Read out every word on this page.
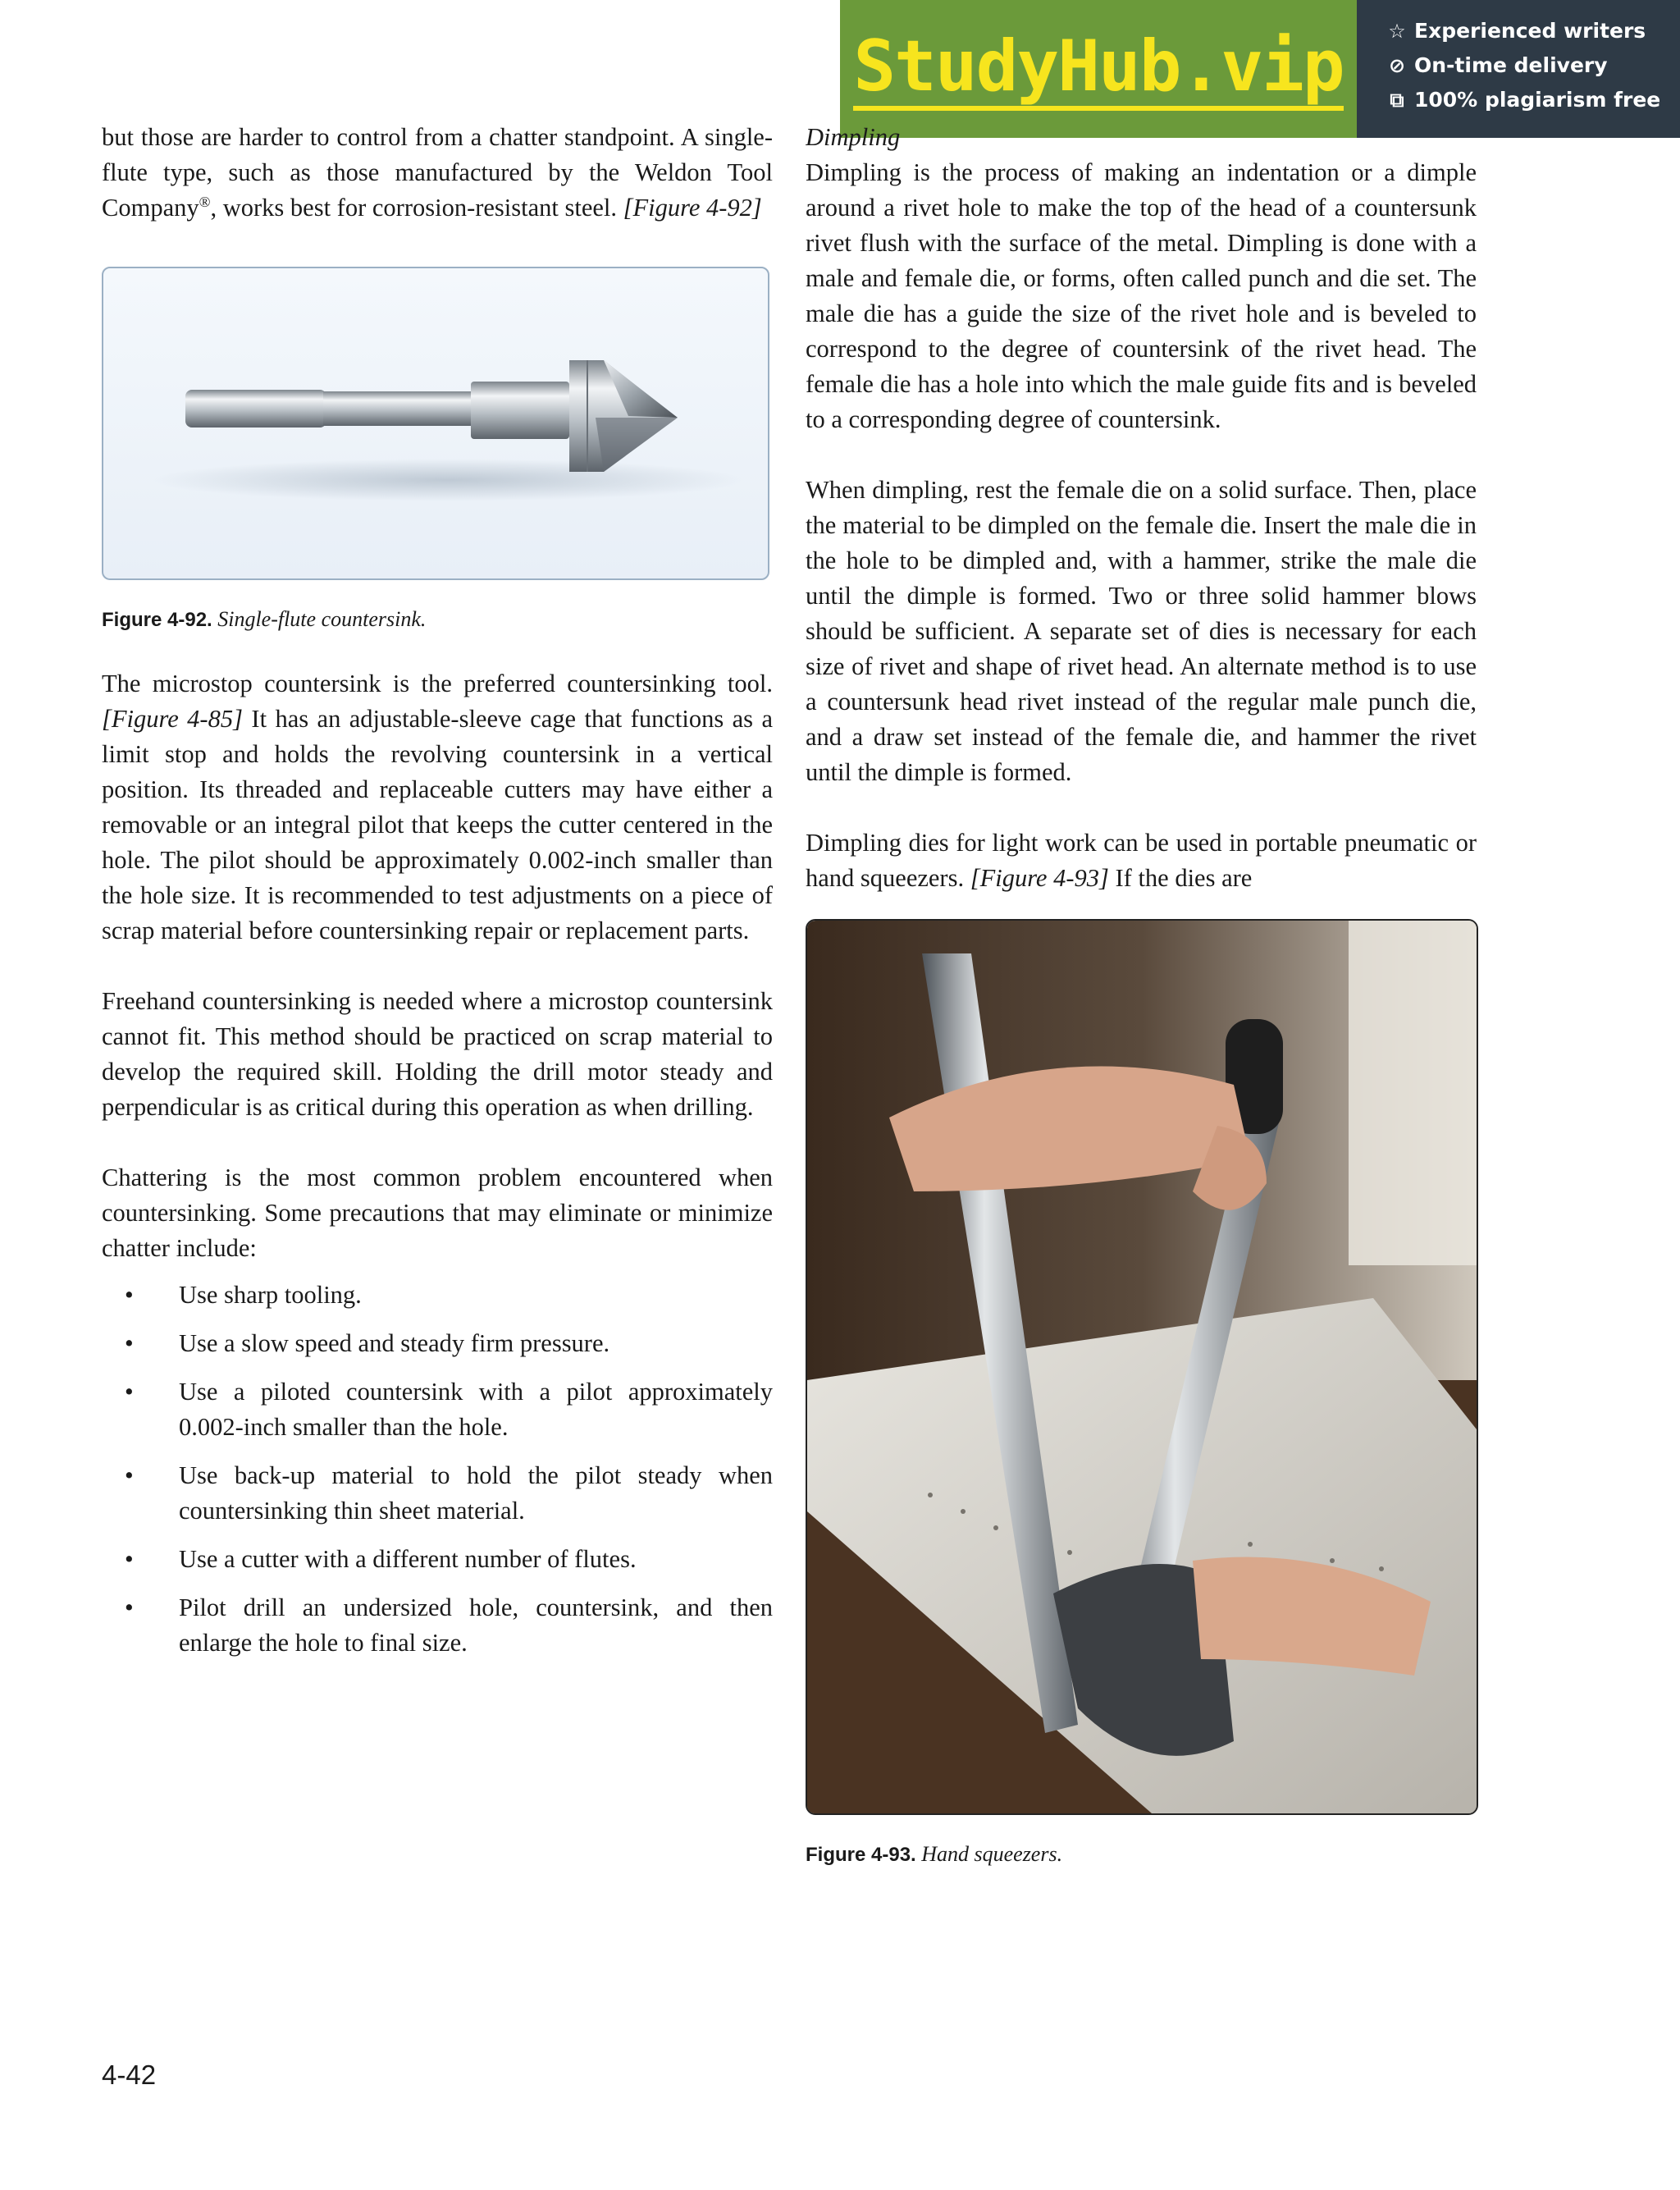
StudyHub.vip ☆ Experienced writers
⊘ On-time delivery
⧉ 100% plagiarism free

but those are harder to control from a chatter standpoint. A single-flute type, such as those manufactured by the Weldon Tool Company®, works best for corrosion-resistant steel. [Figure 4-92]

Figure 4-92. Single-flute countersink.

The microstop countersink is the preferred countersinking tool. [Figure 4-85] It has an adjustable-sleeve cage that functions as a limit stop and holds the revolving countersink in a vertical position. Its threaded and replaceable cutters may have either a removable or an integral pilot that keeps the cutter centered in the hole. The pilot should be approximately 0.002-inch smaller than the hole size. It is recommended to test adjustments on a piece of scrap material before countersinking repair or replacement parts.

Freehand countersinking is needed where a microstop countersink cannot fit. This method should be practiced on scrap material to develop the required skill. Holding the drill motor steady and perpendicular is as critical during this operation as when drilling.

Chattering is the most common problem encountered when countersinking. Some precautions that may eliminate or minimize chatter include:

• Use sharp tooling.
• Use a slow speed and steady firm pressure.
• Use a piloted countersink with a pilot approximately 0.002-inch smaller than the hole.
• Use back-up material to hold the pilot steady when countersinking thin sheet material.
• Use a cutter with a different number of flutes.
• Pilot drill an undersized hole, countersink, and then enlarge the hole to final size.

Dimpling

Dimpling is the process of making an indentation or a dimple around a rivet hole to make the top of the head of a countersunk rivet flush with the surface of the metal. Dimpling is done with a male and female die, or forms, often called punch and die set. The male die has a guide the size of the rivet hole and is beveled to correspond to the degree of countersink of the rivet head. The female die has a hole into which the male guide fits and is beveled to a corresponding degree of countersink.

When dimpling, rest the female die on a solid surface. Then, place the material to be dimpled on the female die. Insert the male die in the hole to be dimpled and, with a hammer, strike the male die until the dimple is formed. Two or three solid hammer blows should be sufficient. A separate set of dies is necessary for each size of rivet and shape of rivet head. An alternate method is to use a countersunk head rivet instead of the regular male punch die, and a draw set instead of the female die, and hammer the rivet until the dimple is formed.

Dimpling dies for light work can be used in portable pneumatic or hand squeezers. [Figure 4-93] If the dies are

Figure 4-93. Hand squeezers.

4-42
